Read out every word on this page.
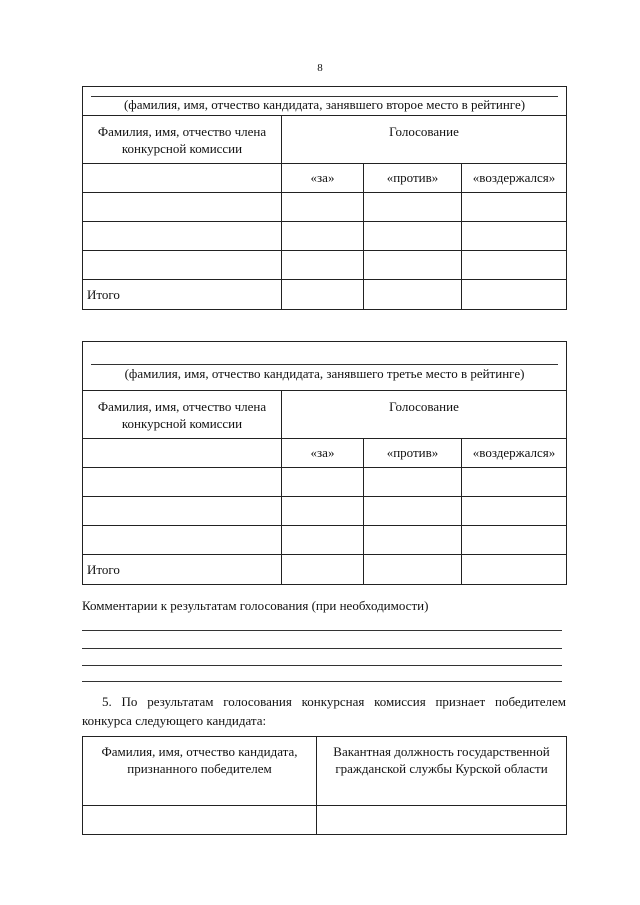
8
(фамилия, имя, отчество кандидата, занявшего второе место в рейтинге)			

Фамилия, имя, отчество члена конкурсной комиссии	Голосование		

	«за»	«против»	«воздержался»

Итого			
(фамилия, имя, отчество кандидата, занявшего третье место в рейтинге)			

Фамилия, имя, отчество члена конкурсной комиссии	Голосование		

	«за»	«против»	«воздержался»

Итого			
Комментарии к результатам голосования (при необходимости)
5. По результатам голосования конкурсная комиссия признает победителем конкурса следующего кандидата:
Фамилия, имя, отчество кандидата, признанного победителем	Вакантная должность государственной гражданской службы Курской области
